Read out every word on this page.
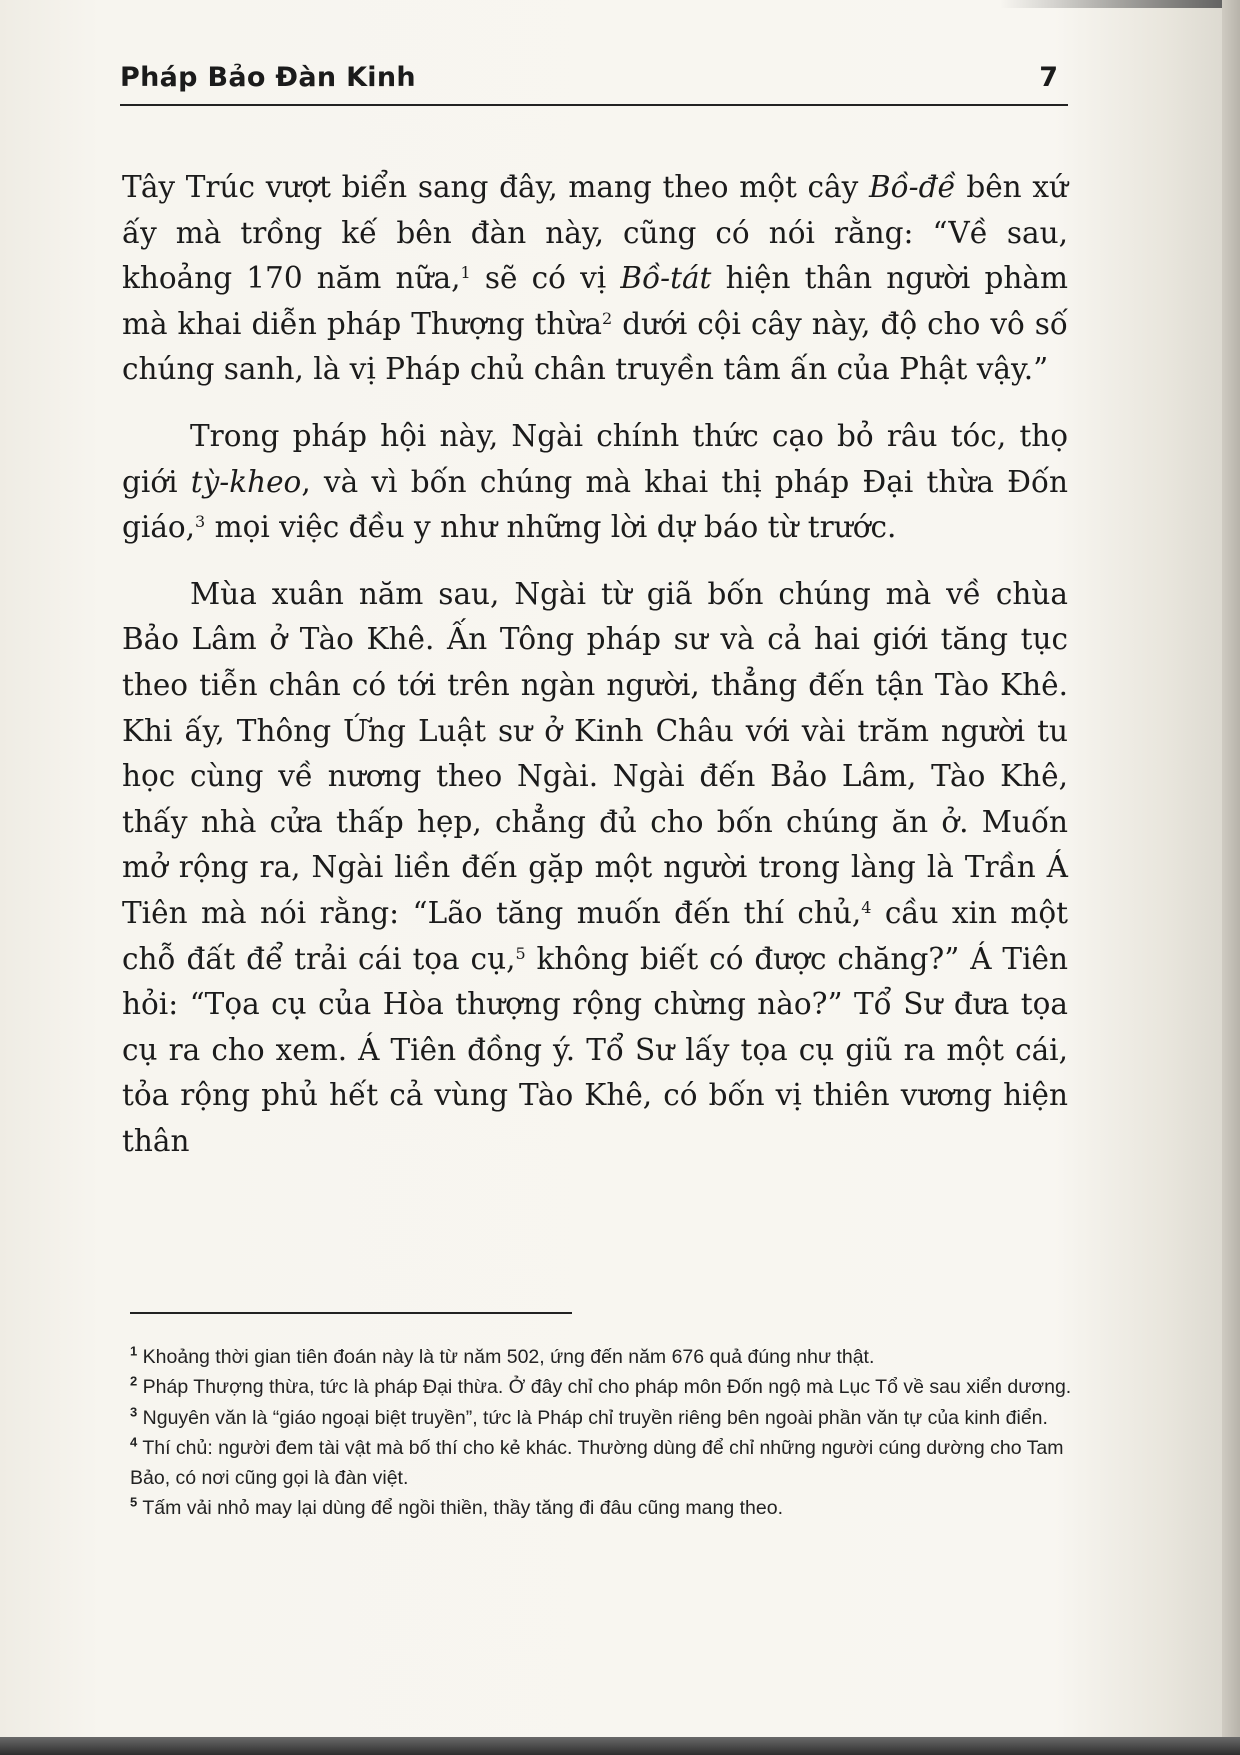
Pháp Bảo Đàn Kinh	7

Tây Trúc vượt biển sang đây, mang theo một cây Bồ-đề bên xứ ấy mà trồng kế bên đàn này, cũng có nói rằng: “Về sau, khoảng 170 năm nữa,$^1$ sẽ có vị Bồ-tát hiện thân người phàm mà khai diễn pháp Thượng thừa$^2$ dưới cội cây này, độ cho vô số chúng sanh, là vị Pháp chủ chân truyền tâm ấn của Phật vậy.”

Trong pháp hội này, Ngài chính thức cạo bỏ râu tóc, thọ giới tỳ-kheo, và vì bốn chúng mà khai thị pháp Đại thừa Đốn giáo,$^3$ mọi việc đều y như những lời dự báo từ trước.

Mùa xuân năm sau, Ngài từ giã bốn chúng mà về chùa Bảo Lâm ở Tào Khê. Ấn Tông pháp sư và cả hai giới tăng tục theo tiễn chân có tới trên ngàn người, thẳng đến tận Tào Khê. Khi ấy, Thông Ứng Luật sư ở Kinh Châu với vài trăm người tu học cùng về nương theo Ngài. Ngài đến Bảo Lâm, Tào Khê, thấy nhà cửa thấp hẹp, chẳng đủ cho bốn chúng ăn ở. Muốn mở rộng ra, Ngài liền đến gặp một người trong làng là Trần Á Tiên mà nói rằng: “Lão tăng muốn đến thí chủ,$^4$ cầu xin một chỗ đất để trải cái tọa cụ,$^5$ không biết có được chăng?” Á Tiên hỏi: “Tọa cụ của Hòa thượng rộng chừng nào?” Tổ Sư đưa tọa cụ ra cho xem. Á Tiên đồng ý. Tổ Sư lấy tọa cụ giũ ra một cái, tỏa rộng phủ hết cả vùng Tào Khê, có bốn vị thiên vương hiện thân

$^1$ Khoảng thời gian tiên đoán này là từ năm 502, ứng đến năm 676 quả đúng như thật.

$^2$ Pháp Thượng thừa, tức là pháp Đại thừa. Ở đây chỉ cho pháp môn Đốn ngộ mà Lục Tổ về sau xiển dương.

$^3$ Nguyên văn là “giáo ngoại biệt truyền”, tức là Pháp chỉ truyền riêng bên ngoài phần văn tự của kinh điển.

$^4$ Thí chủ: người đem tài vật mà bố thí cho kẻ khác. Thường dùng để chỉ những người cúng dường cho Tam Bảo, có nơi cũng gọi là đàn việt.

$^5$ Tấm vải nhỏ may lại dùng để ngồi thiền, thầy tăng đi đâu cũng mang theo.
